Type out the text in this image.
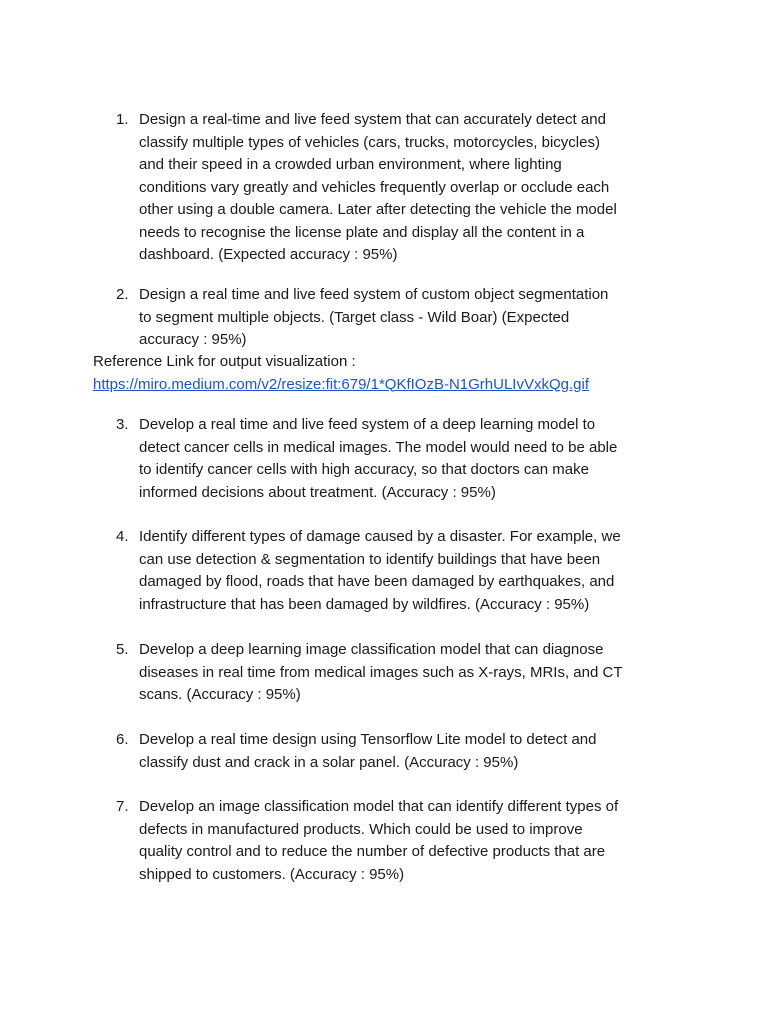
1. Design a real-time and live feed system that can accurately detect and
classify multiple types of vehicles (cars, trucks, motorcycles, bicycles)
and their speed in a crowded urban environment, where lighting
conditions vary greatly and vehicles frequently overlap or occlude each
other using a double camera. Later after detecting the vehicle the model
needs to recognise the license plate and display all the content in a
dashboard. (Expected accuracy : 95%)
2. Design a real time and live feed system of custom object segmentation
to segment multiple objects. (Target class - Wild Boar) (Expected
accuracy : 95%)
Reference Link for output visualization :
https://miro.medium.com/v2/resize:fit:679/1*QKfIOzB-N1GrhULIvVxkQg.gif
3. Develop a real time and live feed system of a deep learning model to
detect cancer cells in medical images. The model would need to be able
to identify cancer cells with high accuracy, so that doctors can make
informed decisions about treatment. (Accuracy : 95%)
4. Identify different types of damage caused by a disaster. For example, we
can use detection & segmentation to identify buildings that have been
damaged by flood, roads that have been damaged by earthquakes, and
infrastructure that has been damaged by wildfires. (Accuracy : 95%)
5. Develop a deep learning image classification model that can diagnose
diseases in real time from medical images such as X-rays, MRIs, and CT
scans. (Accuracy : 95%)
6. Develop a real time design using Tensorflow Lite model to detect and
classify dust and crack in a solar panel. (Accuracy : 95%)
7. Develop an image classification model that can identify different types of
defects in manufactured products. Which could be used to improve
quality control and to reduce the number of defective products that are
shipped to customers. (Accuracy : 95%)
